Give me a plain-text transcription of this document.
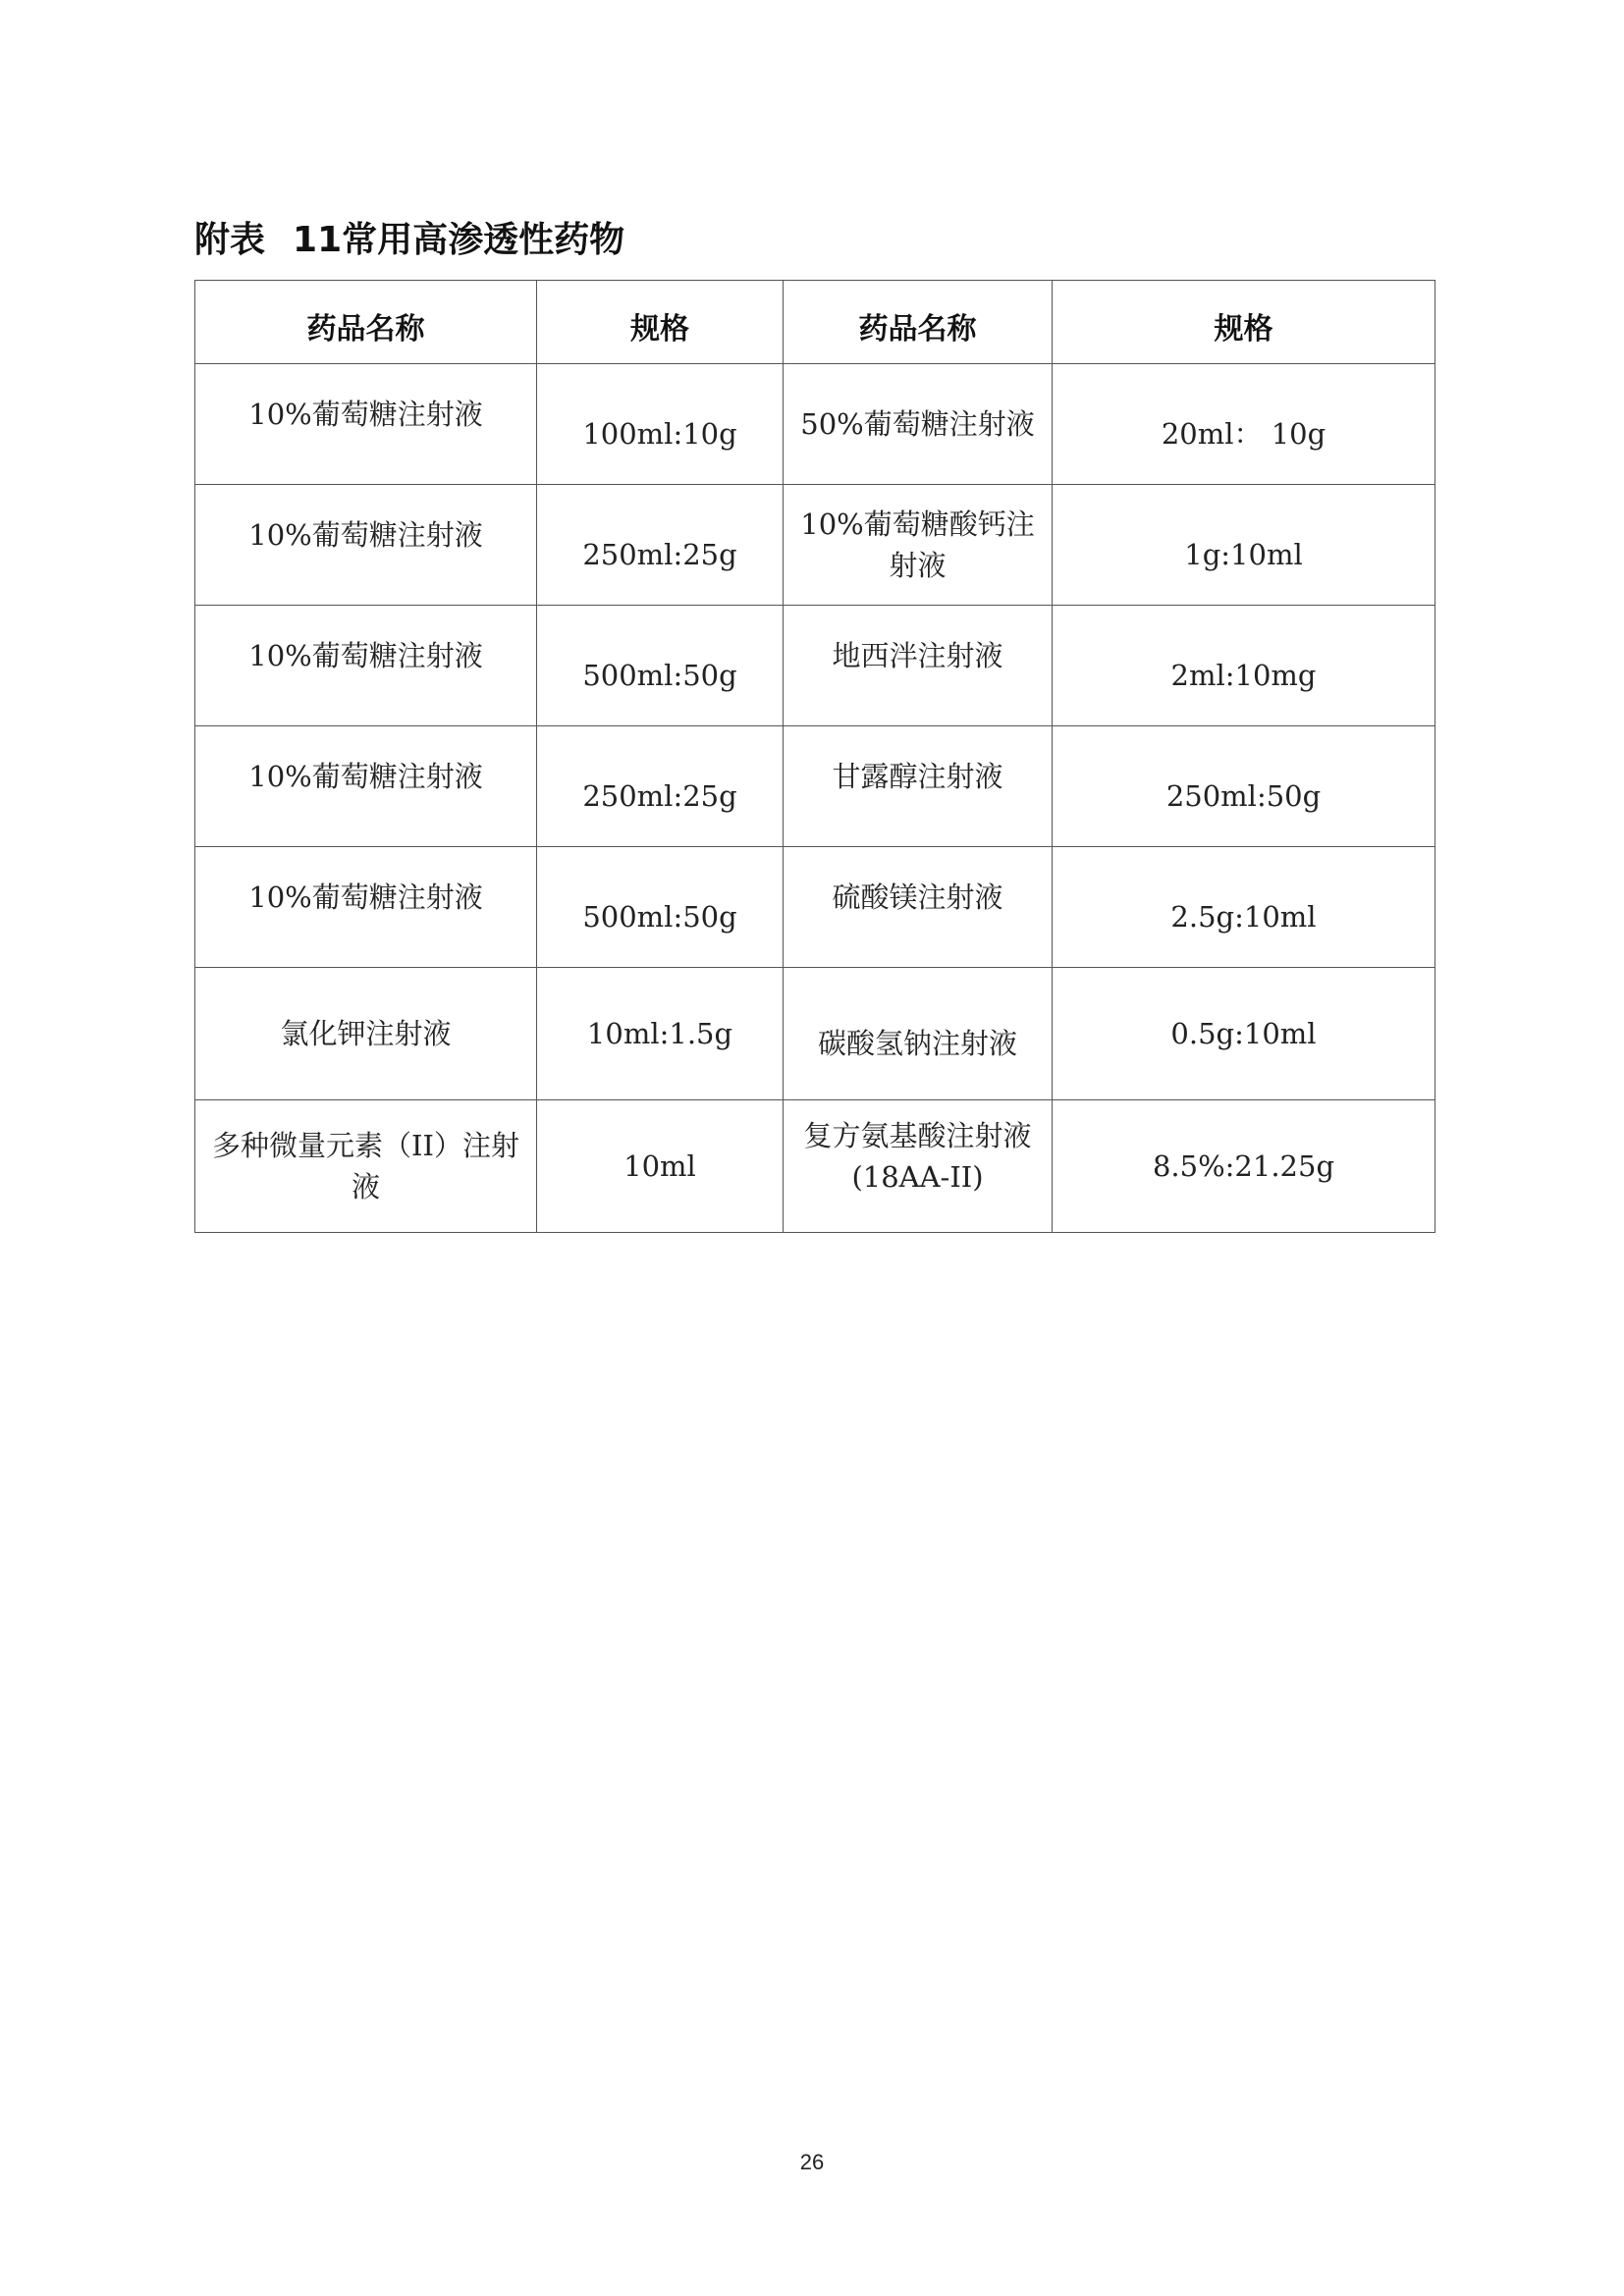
附表 11常用高渗透性药物
药品名称	规格	药品名称	规格
10%葡萄糖注射液	100ml:10g	50%葡萄糖注射液	20ml： 10g
10%葡萄糖注射液	250ml:25g	10%葡萄糖酸钙注射液	1g:10ml
10%葡萄糖注射液	500ml:50g	地西泮注射液	2ml:10mg
10%葡萄糖注射液	250ml:25g	甘露醇注射液	250ml:50g
10%葡萄糖注射液	500ml:50g	硫酸镁注射液	2.5g:10ml
氯化钾注射液	10ml:1.5g	碳酸氢钠注射液	0.5g:10ml
多种微量元素（II）注射液	10ml	复方氨基酸注射液(18AA-II)	8.5%:21.25g
26
